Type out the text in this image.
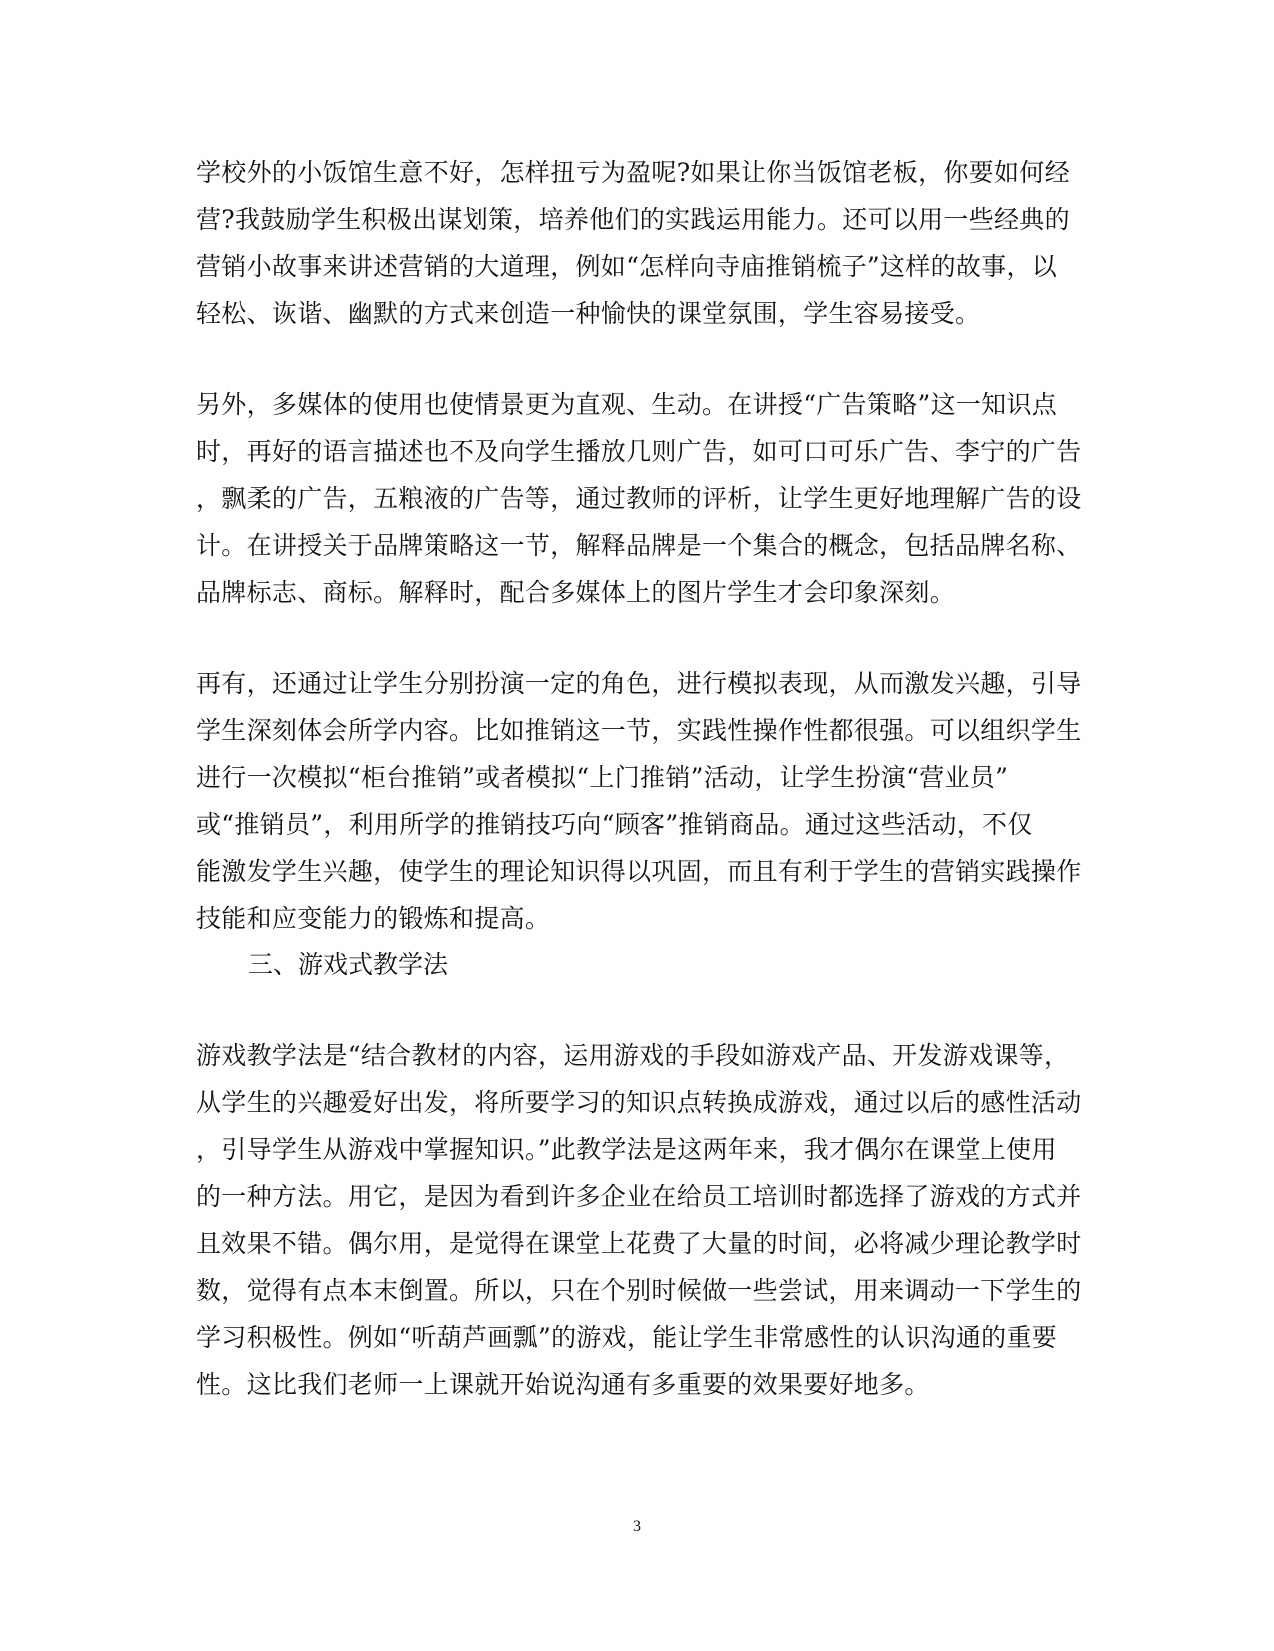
学校外的小饭馆生意不好，怎样扭亏为盈呢?如果让你当饭馆老板，你要如何经
营?我鼓励学生积极出谋划策，培养他们的实践运用能力。还可以用一些经典的
营销小故事来讲述营销的大道理，例如“怎样向寺庙推销梳子”这样的故事，以
轻松、诙谐、幽默的方式来创造一种愉快的课堂氛围，学生容易接受。
另外，多媒体的使用也使情景更为直观、生动。在讲授“广告策略”这一知识点
时，再好的语言描述也不及向学生播放几则广告，如可口可乐广告、李宁的广告
，飘柔的广告，五粮液的广告等，通过教师的评析，让学生更好地理解广告的设
计。在讲授关于品牌策略这一节，解释品牌是一个集合的概念，包括品牌名称、
品牌标志、商标。解释时，配合多媒体上的图片学生才会印象深刻。
再有，还通过让学生分别扮演一定的角色，进行模拟表现，从而激发兴趣，引导
学生深刻体会所学内容。比如推销这一节，实践性操作性都很强。可以组织学生
进行一次模拟“柜台推销”或者模拟“上门推销”活动，让学生扮演“营业员”
或“推销员”，利用所学的推销技巧向“顾客”推销商品。通过这些活动，不仅
能激发学生兴趣，使学生的理论知识得以巩固，而且有利于学生的营销实践操作
技能和应变能力的锻炼和提高。
三、游戏式教学法
游戏教学法是“结合教材的内容，运用游戏的手段如游戏产品、开发游戏课等，
从学生的兴趣爱好出发，将所要学习的知识点转换成游戏，通过以后的感性活动
，引导学生从游戏中掌握知识。”此教学法是这两年来，我才偶尔在课堂上使用
的一种方法。用它，是因为看到许多企业在给员工培训时都选择了游戏的方式并
且效果不错。偶尔用，是觉得在课堂上花费了大量的时间，必将减少理论教学时
数，觉得有点本末倒置。所以，只在个别时候做一些尝试，用来调动一下学生的
学习积极性。例如“听葫芦画瓢”的游戏，能让学生非常感性的认识沟通的重要
性。这比我们老师一上课就开始说沟通有多重要的效果要好地多。
3
